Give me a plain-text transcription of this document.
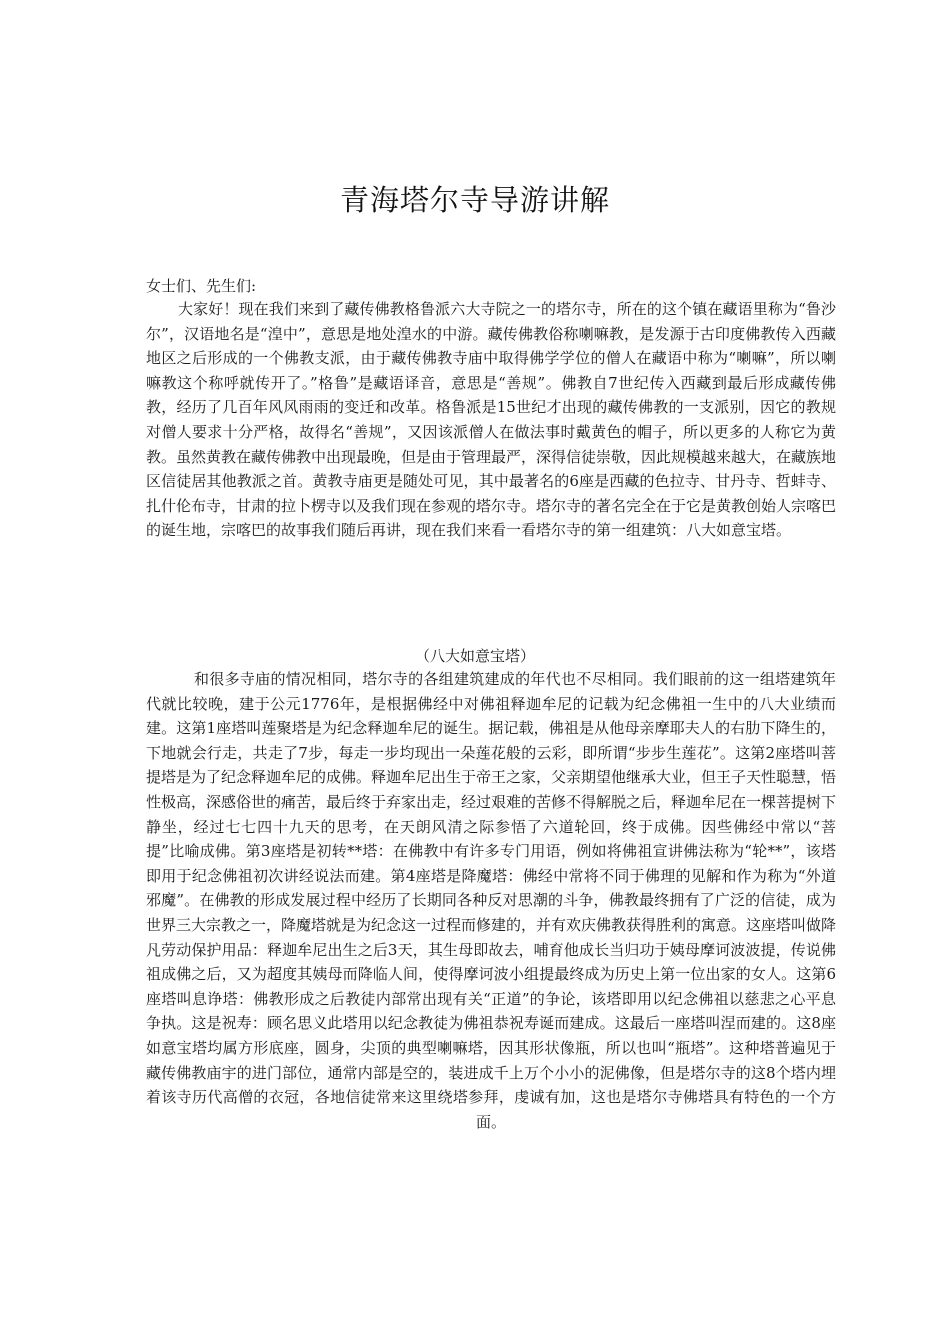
青海塔尔寺导游讲解
女士们、先生们:
大家好！现在我们来到了藏传佛教格鲁派六大寺院之一的塔尔寺，所在的这个镇在藏语里称为“鲁沙尔”，汉语地名是“湟中”，意思是地处湟水的中游。藏传佛教俗称喇嘛教，是发源于古印度佛教传入西藏地区之后形成的一个佛教支派，由于藏传佛教寺庙中取得佛学学位的僧人在藏语中称为“喇嘛”，所以喇嘛教这个称呼就传开了。”格鲁”是藏语译音，意思是“善规”。佛教自7世纪传入西藏到最后形成藏传佛教，经历了几百年风风雨雨的变迁和改革。格鲁派是15世纪才出现的藏传佛教的一支派别，因它的教规对僧人要求十分严格，故得名“善规”，又因该派僧人在做法事时戴黄色的帽子，所以更多的人称它为黄教。虽然黄教在藏传佛教中出现最晚，但是由于管理最严，深得信徒崇敬，因此规模越来越大，在藏族地区信徒居其他教派之首。黄教寺庙更是随处可见，其中最著名的6座是西藏的色拉寺、甘丹寺、哲蚌寺、扎什伦布寺，甘肃的拉卜楞寺以及我们现在参观的塔尔寺。塔尔寺的著名完全在于它是黄教创始人宗喀巴的诞生地，宗喀巴的故事我们随后再讲，现在我们来看一看塔尔寺的第一组建筑：八大如意宝塔。
（八大如意宝塔）
和很多寺庙的情况相同，塔尔寺的各组建筑建成的年代也不尽相同。我们眼前的这一组塔建筑年代就比较晚，建于公元1776年，是根据佛经中对佛祖释迦牟尼的记载为纪念佛祖一生中的八大业绩而建。这第1座塔叫莲聚塔是为纪念释迦牟尼的诞生。据记载，佛祖是从他母亲摩耶夫人的右肋下降生的，下地就会行走，共走了7步，每走一步均现出一朵莲花般的云彩，即所谓“步步生莲花”。这第2座塔叫菩提塔是为了纪念释迦牟尼的成佛。释迦牟尼出生于帝王之家，父亲期望他继承大业，但王子天性聪慧，悟性极高，深感俗世的痛苦，最后终于弃家出走，经过艰难的苦修不得解脱之后，释迦牟尼在一棵菩提树下静坐，经过七七四十九天的思考，在天朗风清之际参悟了六道轮回，终于成佛。因些佛经中常以“菩提”比喻成佛。第3座塔是初转**塔：在佛教中有许多专门用语，例如将佛祖宣讲佛法称为“轮**”，该塔即用于纪念佛祖初次讲经说法而建。第4座塔是降魔塔：佛经中常将不同于佛理的见解和作为称为“外道邪魔”。在佛教的形成发展过程中经历了长期同各种反对思潮的斗争，佛教最终拥有了广泛的信徒，成为世界三大宗教之一，降魔塔就是为纪念这一过程而修建的，并有欢庆佛教获得胜利的寓意。这座塔叫做降凡劳动保护用品：释迦牟尼出生之后3天，其生母即故去，哺育他成长当归功于姨母摩诃波波提，传说佛祖成佛之后，又为超度其姨母而降临人间，使得摩诃波小组提最终成为历史上第一位出家的女人。这第6座塔叫息诤塔：佛教形成之后教徒内部常出现有关“正道”的争论，该塔即用以纪念佛祖以慈悲之心平息争执。这是祝寿：顾名思义此塔用以纪念教徒为佛祖恭祝寿诞而建成。这最后一座塔叫涅而建的。这8座如意宝塔均属方形底座，圆身，尖顶的典型喇嘛塔，因其形状像瓶，所以也叫“瓶塔”。这种塔普遍见于藏传佛教庙宇的进门部位，通常内部是空的，装进成千上万个小小的泥佛像，但是塔尔寺的这8个塔内埋着该寺历代高僧的衣冠，各地信徒常来这里绕塔参拜，虔诚有加，这也是塔尔寺佛塔具有特色的一个方面。
